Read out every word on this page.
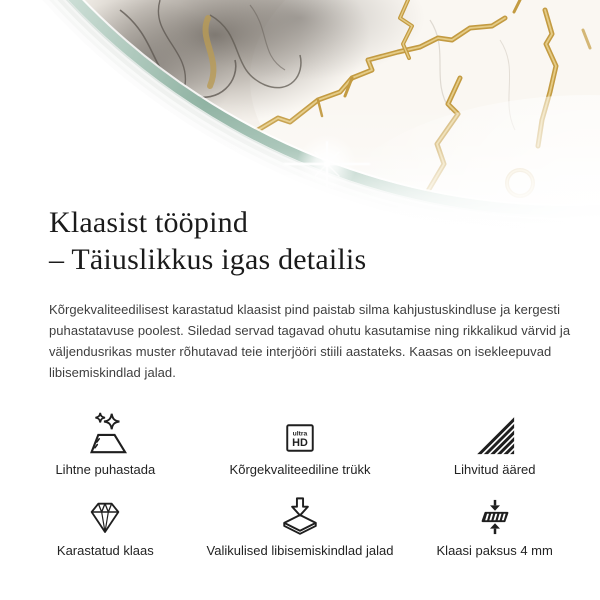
Klaasist tööpind
– Täiuslikkus igas detailis

Kõrgekvaliteedilisest karastatud klaasist pind paistab silma kahjustuskindluse ja kergesti puhastatavuse poolest. Siledad servad tagavad ohutu kasutamise ning rikkalikud värvid ja väljendusrikas muster rõhutavad teie interjööri stiili aastateks. Kaasas on isekleepuvad libisemiskindlad jalad.

Lihtne puhastada
ultra
HD
Kõrgekvaliteediline trükk	Lihvitud ääred
Karastatud klaas	Valikulised libisemiskindlad jalad	Klaasi paksus 4 mm
